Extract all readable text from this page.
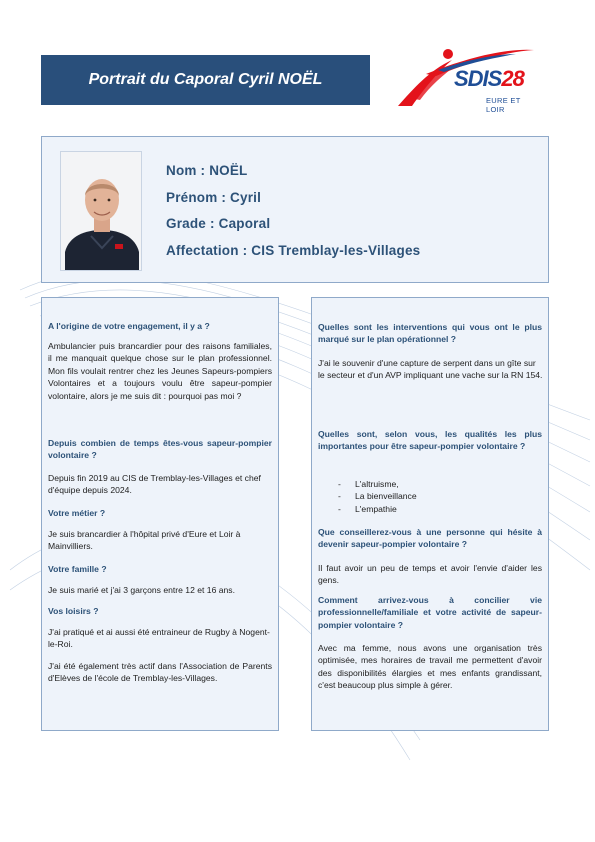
Portrait du Caporal Cyril NOËL	SDIS28
EURE ET LOIR
Nom : NOËL
Prénom : Cyril
Grade : Caporal
Affectation : CIS Tremblay-les-Villages
A l'origine de votre engagement, il y a ?
Ambulancier puis brancardier pour des raisons familiales, il me manquait quelque chose sur le plan professionnel. Mon fils voulait rentrer chez les Jeunes Sapeurs-pompiers Volontaires et a toujours voulu être sapeur-pompier volontaire, alors je me suis dit : pourquoi pas moi ?
Depuis combien de temps êtes-vous sapeur-pompier volontaire ?
Depuis fin 2019 au CIS de Tremblay-les-Villages et chef d'équipe depuis 2024.
Votre métier ?
Je suis brancardier à l'hôpital privé d'Eure et Loir à Mainvilliers.
Votre famille ?
Je suis marié et j'ai 3 garçons entre 12 et 16 ans.
Vos loisirs ?
J'ai pratiqué et ai aussi été entraineur de Rugby à Nogent-le-Roi.
J'ai été également très actif dans l'Association de Parents d'Elèves de l'école de Tremblay-les-Villages.
Quelles sont les interventions qui vous ont le plus marqué sur le plan opérationnel ?
J'ai le souvenir d'une capture de serpent dans un gîte sur le secteur et d'un AVP impliquant une vache sur la RN 154.
Quelles sont, selon vous, les qualités les plus importantes pour être sapeur-pompier volontaire ?
- L'altruisme,
- La bienveillance
- L'empathie
Que conseillerez-vous à une personne qui hésite à devenir sapeur-pompier volontaire ?
Il faut avoir un peu de temps et avoir l'envie d'aider les gens.
Comment arrivez-vous à concilier vie professionnelle/familiale et votre activité de sapeur-pompier volontaire ?
Avec ma femme, nous avons une organisation très optimisée, mes horaires de travail me permettent d'avoir des disponibilités élargies et mes enfants grandissant, c'est beaucoup plus simple à gérer.
